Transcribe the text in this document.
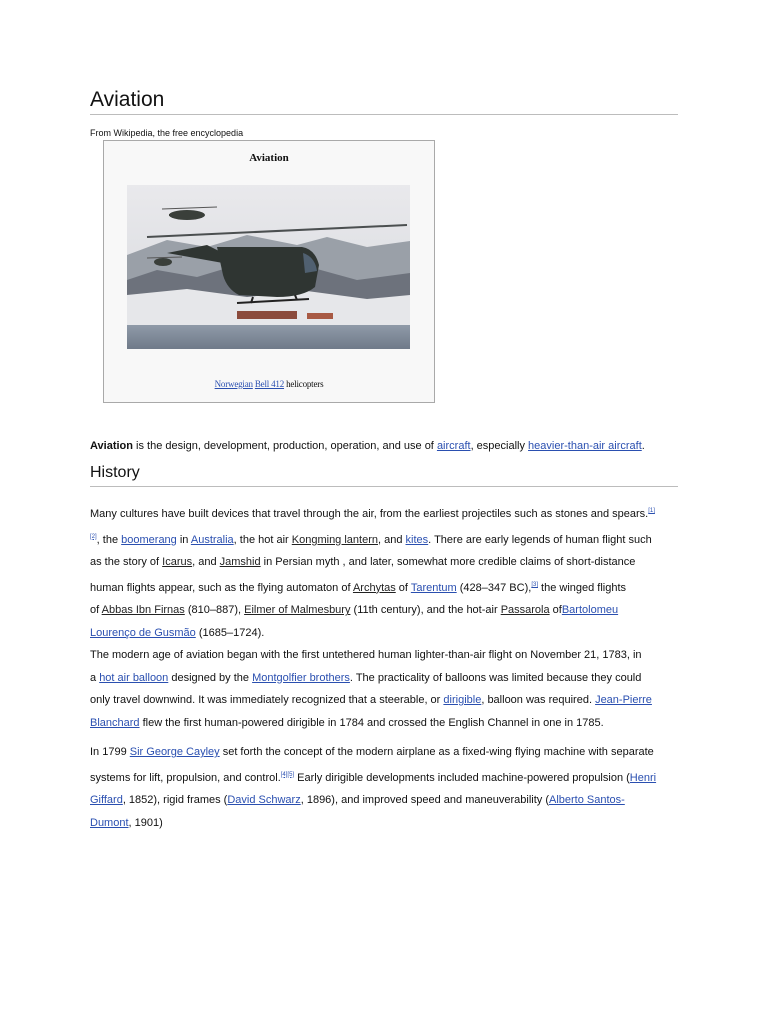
Aviation
From Wikipedia, the free encyclopedia
Aviation
Norwegian Bell 412 helicopters
Aviation is the design, development, production, operation, and use of aircraft, especially heavier-than-air aircraft.
History
Many cultures have built devices that travel through the air, from the earliest projectiles such as stones and spears.[1]
[2], the boomerang in Australia, the hot air Kongming lantern, and kites. There are early legends of human flight such
as the story of Icarus, and Jamshid in Persian myth , and later, somewhat more credible claims of short-distance
human flights appear, such as the flying automaton of Archytas of Tarentum (428–347 BC),[3] the winged flights
of Abbas Ibn Firnas (810–887), Eilmer of Malmesbury (11th century), and the hot-air Passarola ofBartolomeu
Lourenço de Gusmão (1685–1724).
The modern age of aviation began with the first untethered human lighter-than-air flight on November 21, 1783, in
a hot air balloon designed by the Montgolfier brothers. The practicality of balloons was limited because they could
only travel downwind. It was immediately recognized that a steerable, or dirigible, balloon was required. Jean-Pierre
Blanchard flew the first human-powered dirigible in 1784 and crossed the English Channel in one in 1785.
In 1799 Sir George Cayley set forth the concept of the modern airplane as a fixed-wing flying machine with separate
systems for lift, propulsion, and control.[4][5] Early dirigible developments included machine-powered propulsion (Henri
Giffard, 1852), rigid frames (David Schwarz, 1896), and improved speed and maneuverability (Alberto Santos-
Dumont, 1901)
